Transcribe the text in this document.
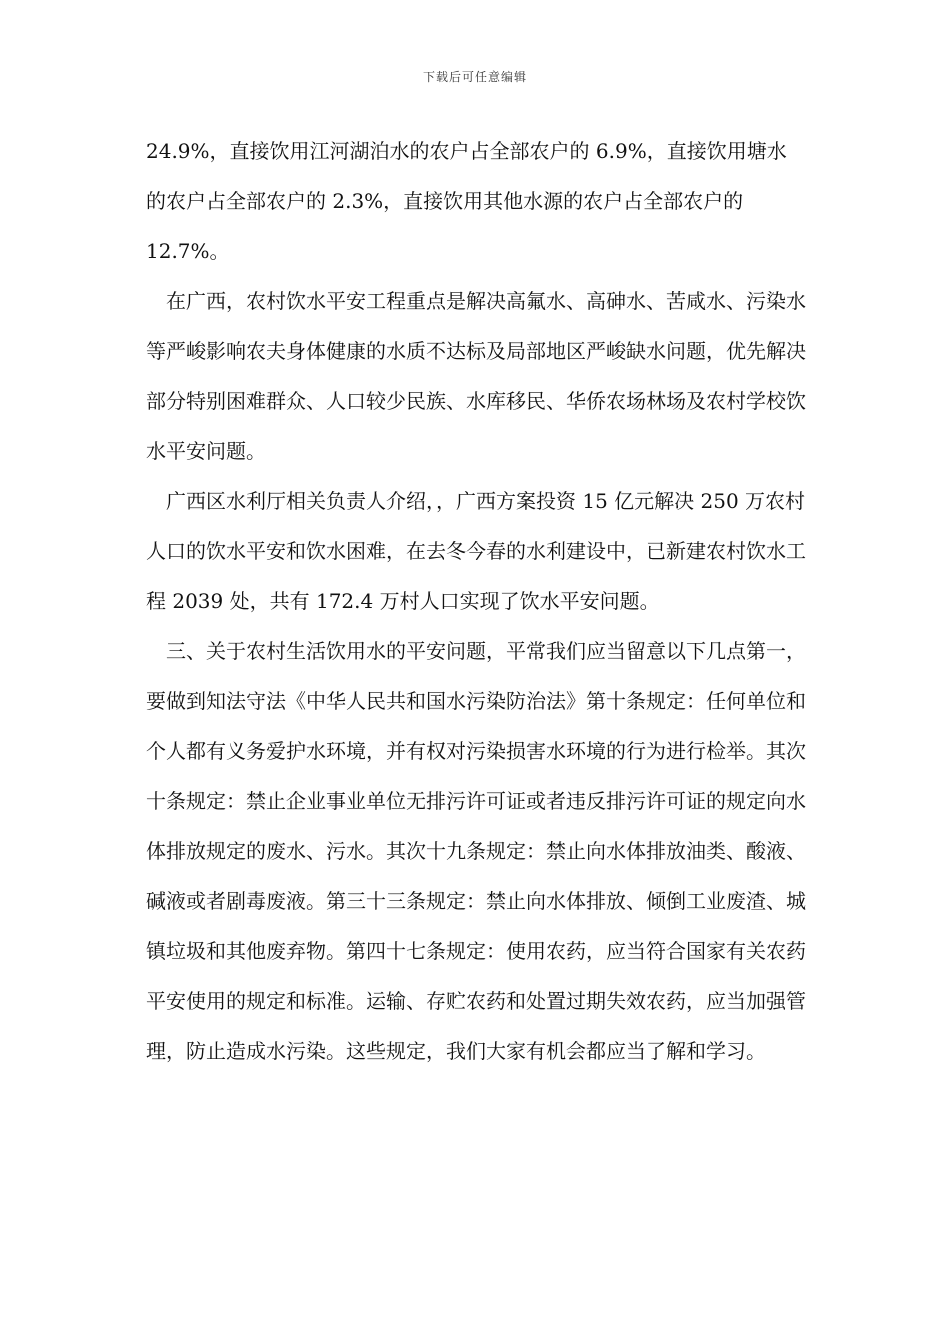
下载后可任意编辑

24.9%，直接饮用江河湖泊水的农户占全部农户的 6.9%，直接饮用塘水的农户占全部农户的 2.3%，直接饮用其他水源的农户占全部农户的 12.7%。

在广西，农村饮水平安工程重点是解决高氟水、高砷水、苦咸水、污染水等严峻影响农夫身体健康的水质不达标及局部地区严峻缺水问题，优先解决部分特别困难群众、人口较少民族、水库移民、华侨农场林场及农村学校饮水平安问题。

广西区水利厅相关负责人介绍，，广西方案投资 15 亿元解决 250 万农村人口的饮水平安和饮水困难，在去冬今春的水利建设中，已新建农村饮水工程 2039 处，共有 172.4 万村人口实现了饮水平安问题。

三、关于农村生活饮用水的平安问题，平常我们应当留意以下几点第一，要做到知法守法《中华人民共和国水污染防治法》第十条规定：任何单位和个人都有义务爱护水环境，并有权对污染损害水环境的行为进行检举。其次十条规定：禁止企业事业单位无排污许可证或者违反排污许可证的规定向水体排放规定的废水、污水。其次十九条规定：禁止向水体排放油类、酸液、碱液或者剧毒废液。第三十三条规定：禁止向水体排放、倾倒工业废渣、城镇垃圾和其他废弃物。第四十七条规定：使用农药，应当符合国家有关农药平安使用的规定和标准。运输、存贮农药和处置过期失效农药，应当加强管理，防止造成水污染。这些规定，我们大家有机会都应当了解和学习。
